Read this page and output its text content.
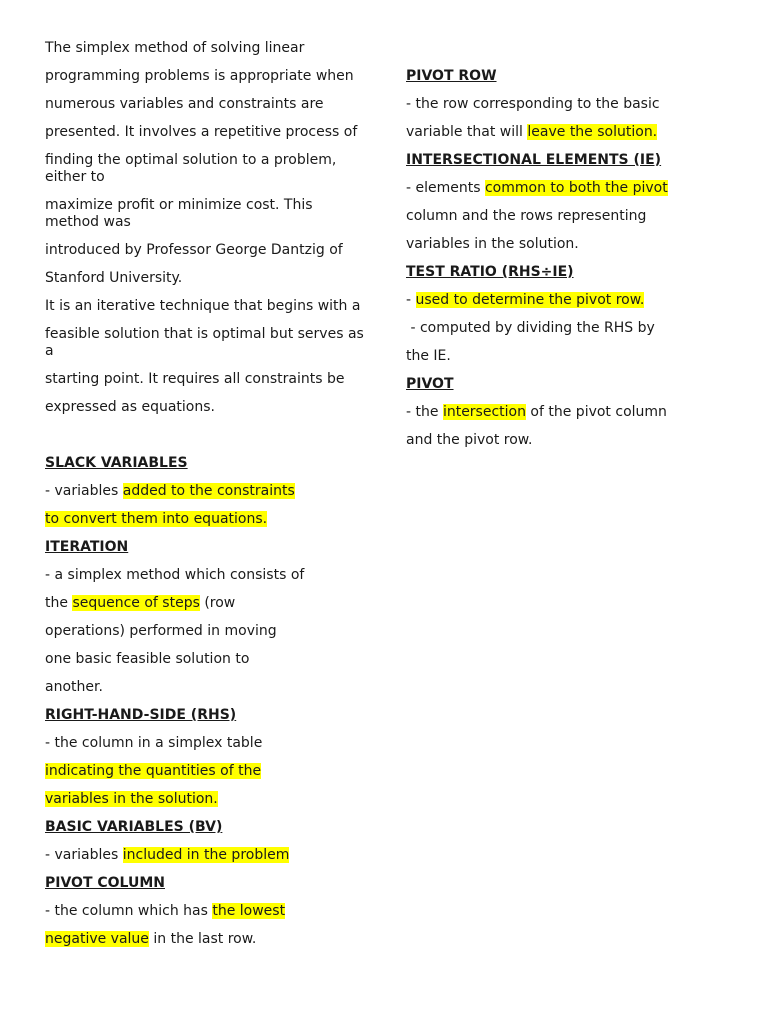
The simplex method of solving linear

programming problems is appropriate when

numerous variables and constraints are

presented. It involves a repetitive process of

finding the optimal solution to a problem, either to

maximize profit or minimize cost. This method was

introduced by Professor George Dantzig of

Stanford University.

It is an iterative technique that begins with a

feasible solution that is optimal but serves as a

starting point. It requires all constraints be

expressed as equations.

SLACK VARIABLES

- variables added to the constraints

to convert them into equations.

ITERATION

- a simplex method which consists of

the sequence of steps (row

operations) performed in moving

one basic feasible solution to

another.

RIGHT-HAND-SIDE (RHS)

- the column in a simplex table

indicating the quantities of the

variables in the solution.

BASIC VARIABLES (BV)

- variables included in the problem

PIVOT COLUMN

- the column which has the lowest

negative value in the last row.

PIVOT ROW

- the row corresponding to the basic

variable that will leave the solution.

INTERSECTIONAL ELEMENTS (IE)

- elements common to both the pivot

column and the rows representing

variables in the solution.

TEST RATIO (RHS÷IE)

- used to determine the pivot row.

- computed by dividing the RHS by

the IE.

PIVOT

- the intersection of the pivot column

and the pivot row.
